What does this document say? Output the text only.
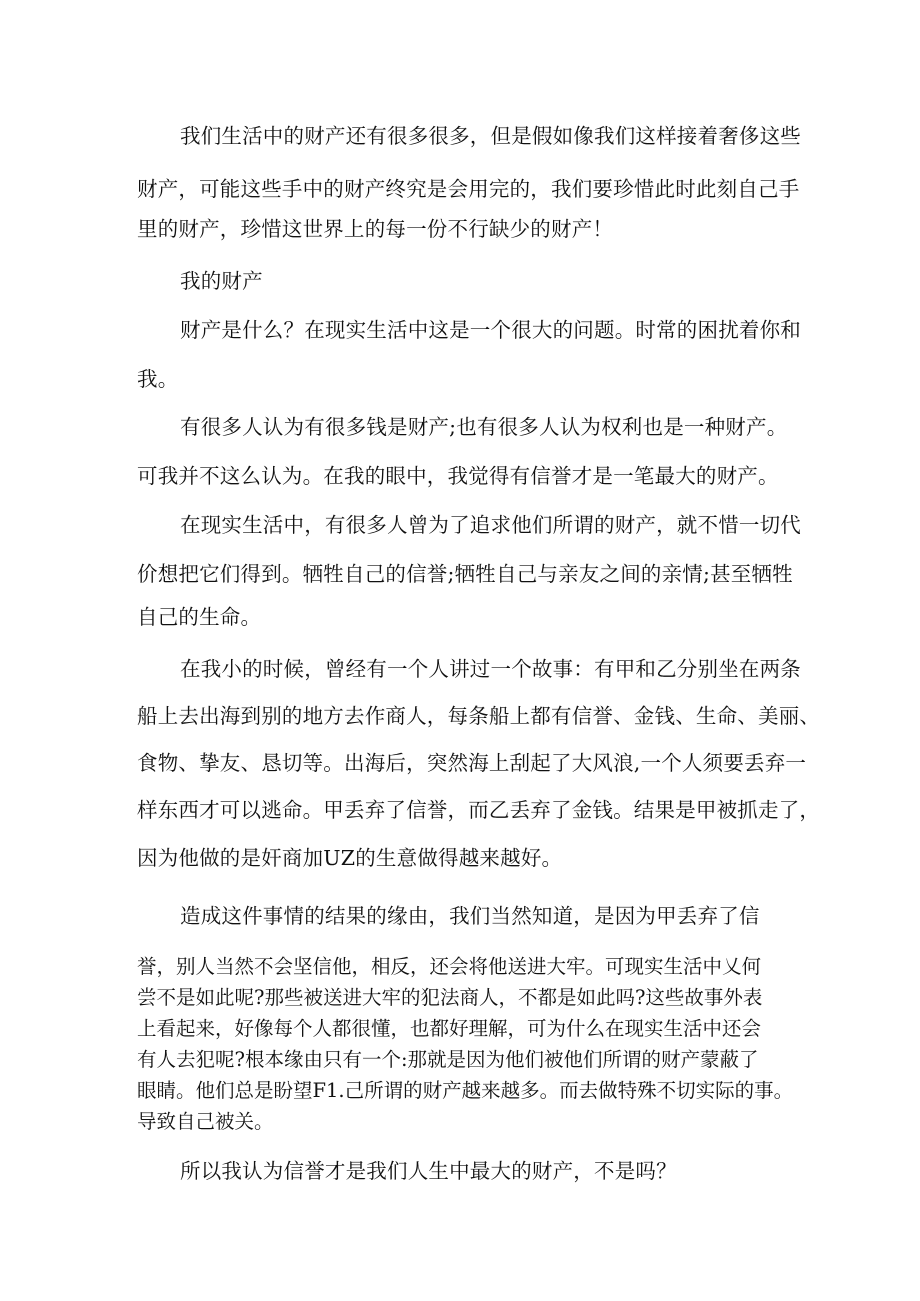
我们生活中的财产还有很多很多，但是假如像我们这样接着奢侈这些

财产，可能这些手中的财产终究是会用完的，我们要珍惜此时此刻自己手

里的财产，珍惜这世界上的每一份不行缺少的财产！

我的财产

财产是什么？在现实生活中这是一个很大的问题。时常的困扰着你和

我。

有很多人认为有很多钱是财产;也有很多人认为权利也是一种财产。

可我并不这么认为。在我的眼中，我觉得有信誉才是一笔最大的财产。

在现实生活中，有很多人曾为了追求他们所谓的财产，就不惜一切代

价想把它们得到。牺牲自己的信誉;牺牲自己与亲友之间的亲情;甚至牺牲

自己的生命。

在我小的时候，曾经有一个人讲过一个故事：有甲和乙分别坐在两条

船上去出海到别的地方去作商人，每条船上都有信誉、金钱、生命、美丽、

食物、挚友、恳切等。出海后，突然海上刮起了大风浪,一个人须要丢弃一

样东西才可以逃命。甲丢弃了信誉，而乙丢弃了金钱。结果是甲被抓走了，

因为他做的是奸商加UZ的生意做得越来越好。

造成这件事情的结果的缘由，我们当然知道，是因为甲丢弃了信

誉，别人当然不会坚信他，相反，还会将他送进大牢。可现实生活中乂何

尝不是如此呢?那些被送进大牢的犯法商人，不都是如此吗?这些故事外表

上看起来，好像每个人都很懂，也都好理解，可为什么在现实生活中还会

有人去犯呢?根本缘由只有一个:那就是因为他们被他们所谓的财产蒙蔽了

眼睛。他们总是盼望F1.己所谓的财产越来越多。而去做特殊不切实际的事。

导致自己被关。

所以我认为信誉才是我们人生中最大的财产，不是吗？
